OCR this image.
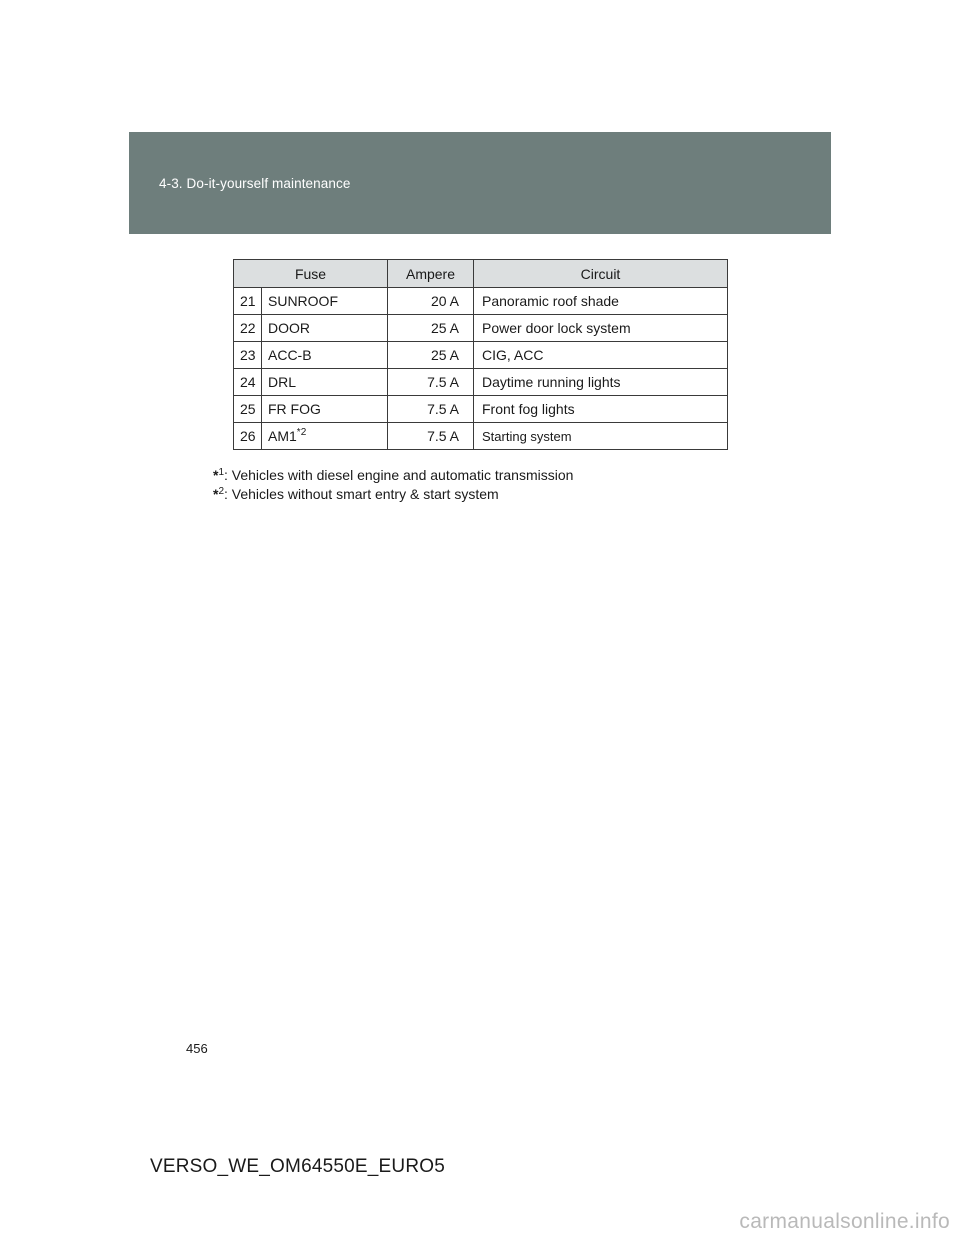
4-3. Do-it-yourself maintenance
Fuse		Ampere	Circuit
21	SUNROOF	20 A	Panoramic roof shade
22	DOOR	25 A	Power door lock system
23	ACC-B	25 A	CIG, ACC
24	DRL	7.5 A	Daytime running lights
25	FR FOG	7.5 A	Front fog lights
26	AM1$^{*2}$	7.5 A	Starting system
*$^1$: Vehicles with diesel engine and automatic transmission
*$^2$: Vehicles without smart entry & start system
456
VERSO_WE_OM64550E_EURO5
carmanualsonline.info
